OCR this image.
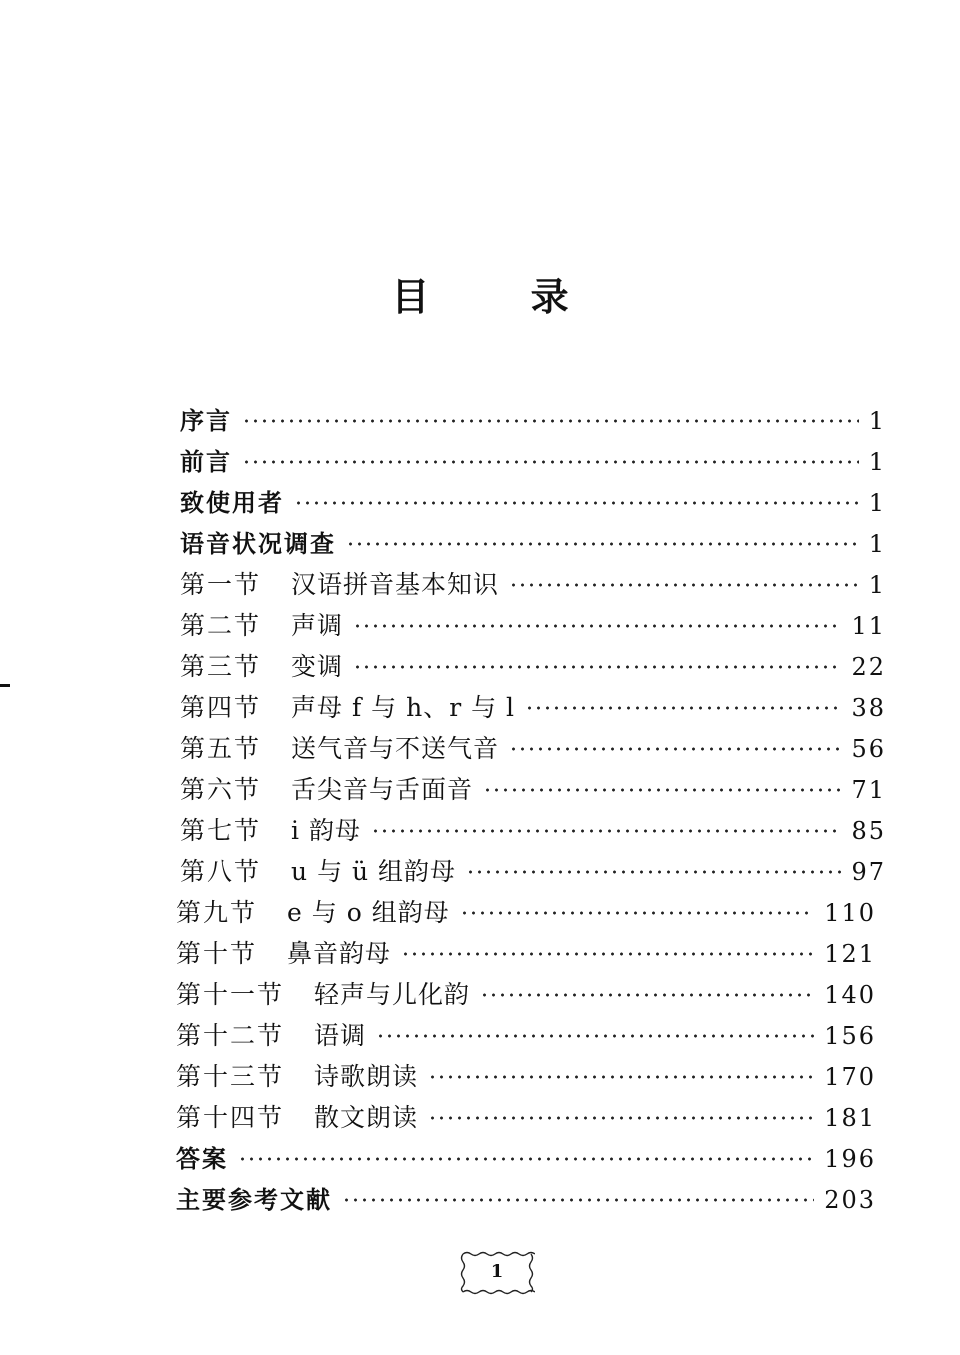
目 录
序言	1
前言	1
致使用者	1
语音状况调查	1
第一节 汉语拼音基本知识	1
第二节 声调	11
第三节 变调	22
第四节 声母 f 与 h、r 与 l	38
第五节 送气音与不送气音	56
第六节 舌尖音与舌面音	71
第七节 i 韵母	85
第八节 u 与 ü 组韵母	97
第九节 e 与 o 组韵母	110
第十节 鼻音韵母	121
第十一节 轻声与儿化韵	140
第十二节 语调	156
第十三节 诗歌朗读	170
第十四节 散文朗读	181
答案	196
主要参考文献	203
1
